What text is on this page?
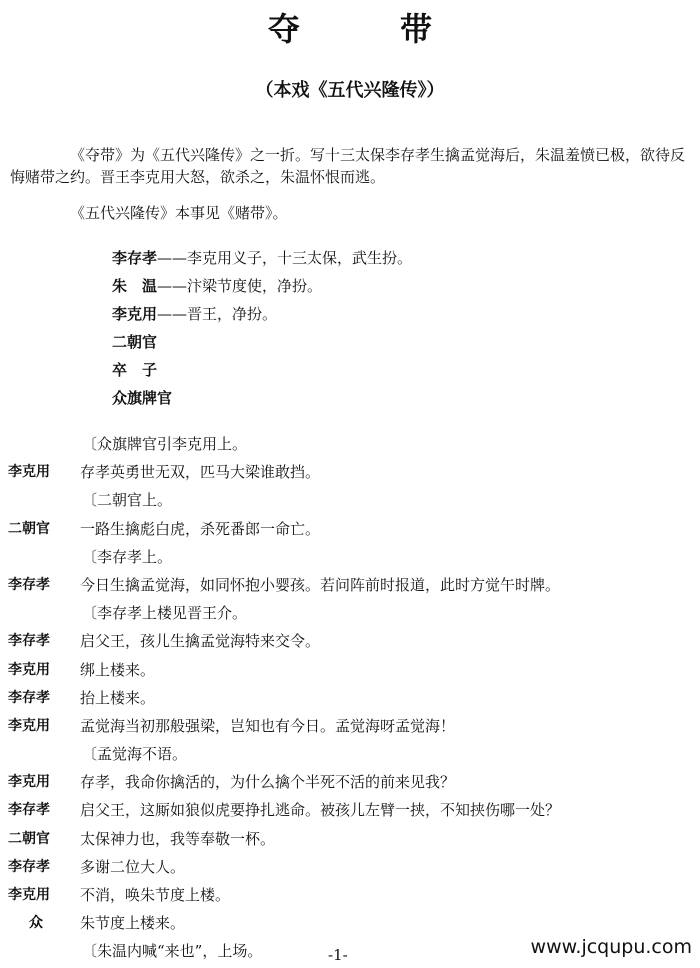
夺　带
（本戏《五代兴隆传》）

《夺带》为《五代兴隆传》之一折。写十三太保李存孝生擒孟觉海后，朱温羞愤已极，欲待反悔赌带之约。晋王李克用大怒，欲杀之，朱温怀恨而逃。

《五代兴隆传》本事见《赌带》。

李存孝——李克用义子，十三太保，武生扮。
朱　温——汴梁节度使，净扮。
李克用——晋王，净扮。
二朝官
卒　子
众旗牌官
〔众旗牌官引李克用上。
李克用	存孝英勇世无双，匹马大梁谁敢挡。
〔二朝官上。
二朝官	一路生擒彪白虎，杀死番郎一命亡。
〔李存孝上。
李存孝	今日生擒孟觉海，如同怀抱小婴孩。若问阵前时报道，此时方觉午时牌。
〔李存孝上楼见晋王介。
李存孝	启父王，孩儿生擒孟觉海特来交令。
李克用	绑上楼来。
李存孝	抬上楼来。
李克用	孟觉海当初那般强梁，岂知也有今日。孟觉海呀孟觉海！
〔孟觉海不语。
李克用	存孝，我命你擒活的，为什么擒个半死不活的前来见我？
李存孝	启父王，这厮如狼似虎要挣扎逃命。被孩儿左臂一挟，不知挟伤哪一处？
二朝官	太保神力也，我等奉敬一杯。
李存孝	多谢二位大人。
李克用	不消，唤朱节度上楼。
众	朱节度上楼来。
〔朱温内喊“来也”，上场。	-1-	www.jcqupu.com
